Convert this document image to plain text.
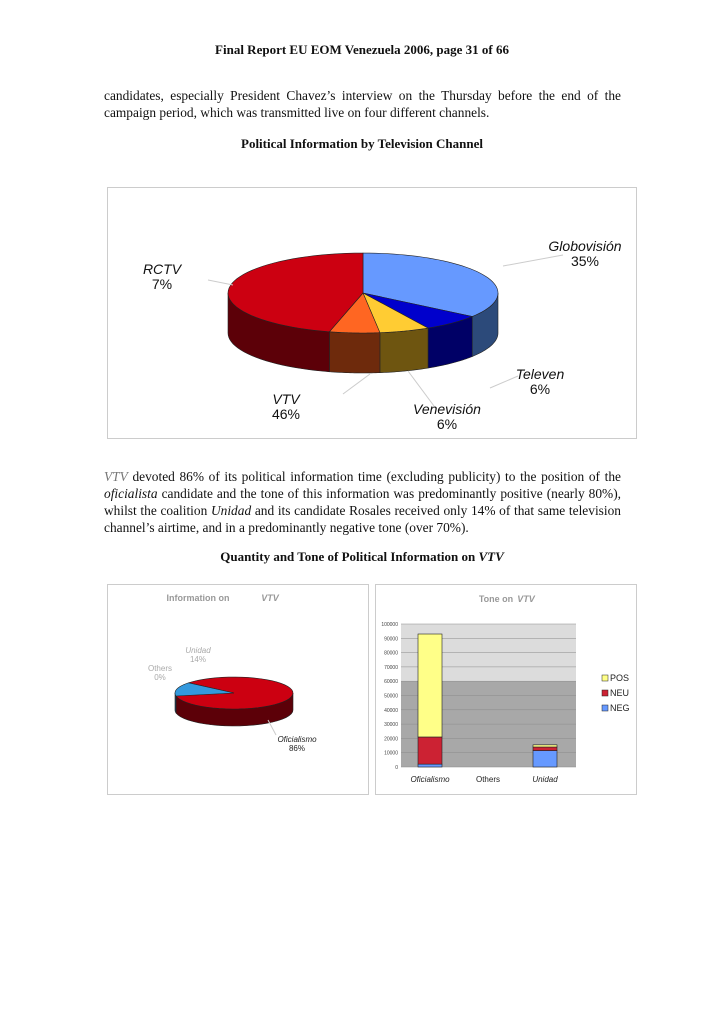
Final Report EU EOM Venezuela 2006, page 31 of 66
candidates, especially President Chavez’s interview on the Thursday before the end of the campaign period, which was transmitted live on four different channels.
Political Information by Television Channel
Globovisión
35%
RCTV
7%
Televen
6%
Venevisión
6%
VTV
46%
VTV devoted 86% of its political information time (excluding publicity) to the position of the oficialista candidate and the tone of this information was predominantly positive (nearly 80%), whilst the coalition Unidad and its candidate Rosales received only 14% of that same television channel’s airtime, and in a predominantly negative tone (over 70%).
Quantity and Tone of Political Information on VTV
Information on	VTV
Oficialismo
86%
Others
0%
Unidad
14%
Tone on VTV
0
10000
20000
30000
40000
50000
60000
70000
80000
90000
100000
Oficialismo	Others	Unidad
POS
NEU
NEG
